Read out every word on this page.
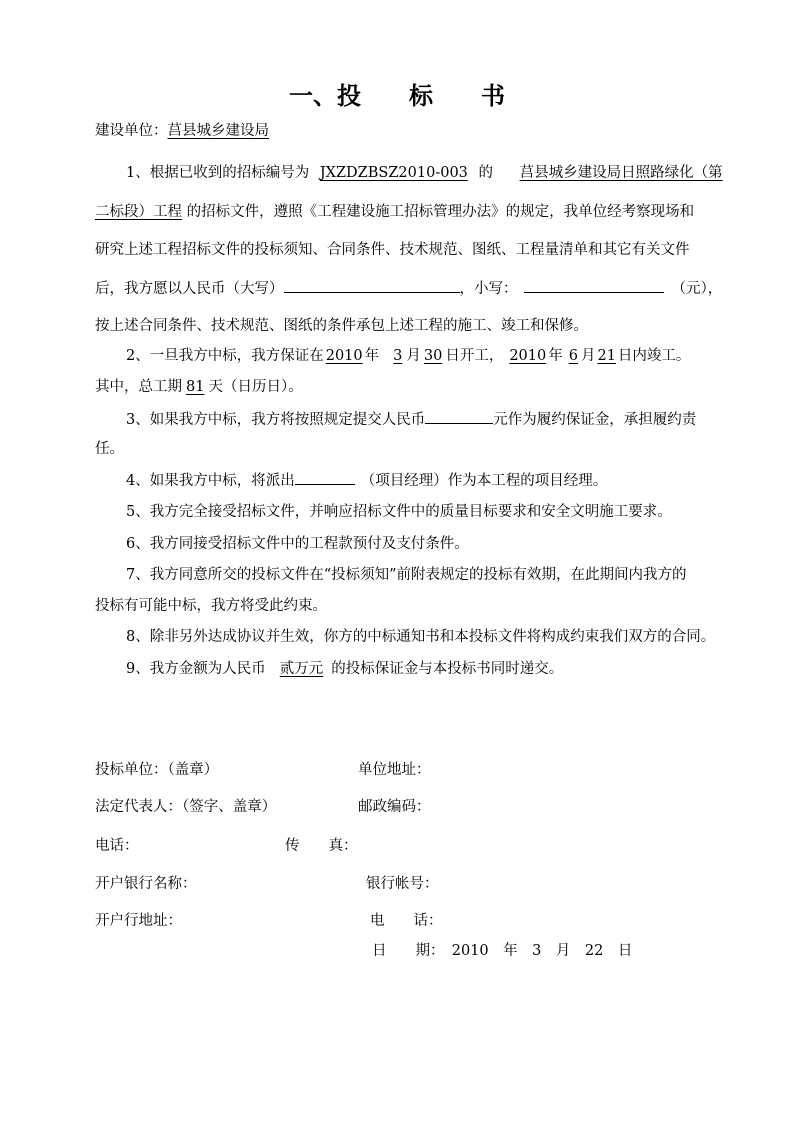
一、投 标 书
建设单位：莒县城乡建设局
1、根据已收到的招标编号为 JXZDZBSZ2010-003 的 莒县城乡建设局日照路绿化（第
二标段）工程 的招标文件，遵照《工程建设施工招标管理办法》的规定，我单位经考察现场和
研究上述工程招标文件的投标须知、合同条件、技术规范、图纸、工程量清单和其它有关文件
后，我方愿以人民币（大写）	，小写：	（元），
按上述合同条件、技术规范、图纸的条件承包上述工程的施工、竣工和保修。
2、一旦我方中标，我方保证在 2010 年 3 月 30 日开工， 2010 年 6 月 21 日内竣工。
其中，总工期 81 天（日历日）。
3、如果我方中标，我方将按照规定提交人民币	元作为履约保证金，承担履约责
任。
4、如果我方中标，将派出	（项目经理）作为本工程的项目经理。
5、我方完全接受招标文件，并响应招标文件中的质量目标要求和安全文明施工要求。
6、我方同接受招标文件中的工程款预付及支付条件。
7、我方同意所交的投标文件在“投标须知”前附表规定的投标有效期，在此期间内我方的
投标有可能中标，我方将受此约束。
8、除非另外达成协议并生效，你方的中标通知书和本投标文件将构成约束我们双方的合同。
9、我方金额为人民币 贰万元 的投标保证金与本投标书同时递交。
投标单位：（盖章）	单位地址：
法定代表人：（签字、盖章）	邮政编码：
电话：	传　　真：
开户银行名称：	银行帐号：
开户行地址：	电　　话：
日　　期：　2010　年　3　月　22　日
